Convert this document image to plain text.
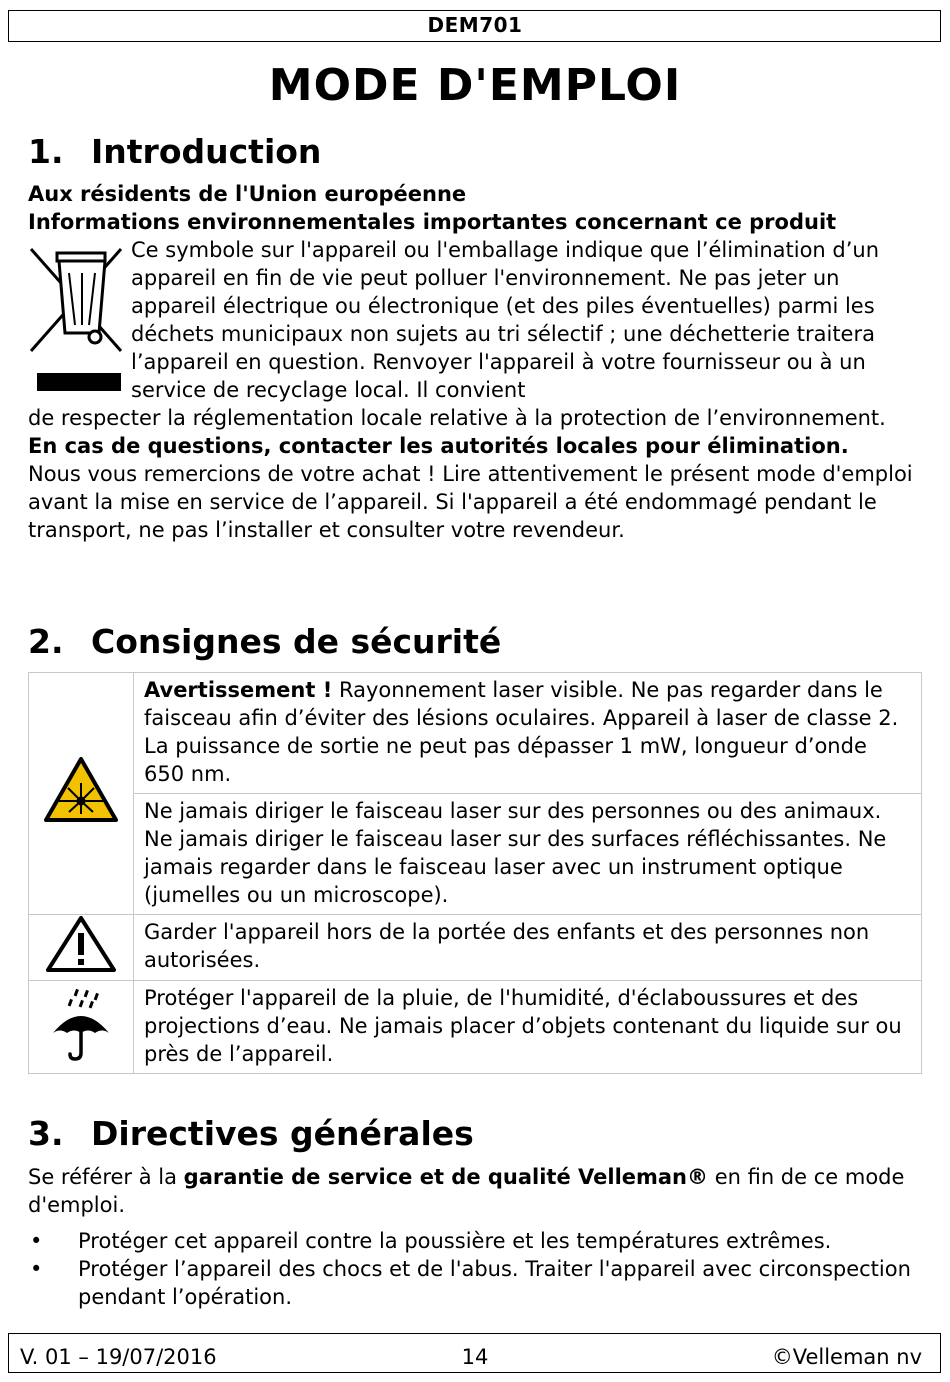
DEM701
MODE D'EMPLOI
1. Introduction
Aux résidents de l'Union européenne
Informations environnementales importantes concernant ce produit
Ce symbole sur l'appareil ou l'emballage indique que l’élimination d’un appareil en fin de vie peut polluer l'environnement. Ne pas jeter un appareil électrique ou électronique (et des piles éventuelles) parmi les déchets municipaux non sujets au tri sélectif ; une déchetterie traitera l’appareil en question. Renvoyer l'appareil à votre fournisseur ou à un service de recyclage local. Il convient
de respecter la réglementation locale relative à la protection de l’environnement.
En cas de questions, contacter les autorités locales pour élimination.
Nous vous remercions de votre achat ! Lire attentivement le présent mode d'emploi avant la mise en service de l’appareil. Si l'appareil a été endommagé pendant le transport, ne pas l’installer et consulter votre revendeur.
2. Consignes de sécurité
	Avertissement ! Rayonnement laser visible. Ne pas regarder dans le faisceau afin d’éviter des lésions oculaires. Appareil à laser de classe 2.
La puissance de sortie ne peut pas dépasser 1 mW, longueur d’onde 650 nm.

	Ne jamais diriger le faisceau laser sur des personnes ou des animaux. Ne jamais diriger le faisceau laser sur des surfaces réfléchissantes. Ne jamais regarder dans le faisceau laser avec un instrument optique (jumelles ou un microscope).

Garder l'appareil hors de la portée des enfants et des personnes non autorisées.

Protéger l'appareil de la pluie, de l'humidité, d'éclaboussures et des projections d’eau. Ne jamais placer d’objets contenant du liquide sur ou près de l’appareil.
3. Directives générales
Se référer à la garantie de service et de qualité Velleman® en fin de ce mode d'emploi.
• Protéger cet appareil contre la poussière et les températures extrêmes.
• Protéger l’appareil des chocs et de l'abus. Traiter l'appareil avec circonspection pendant l’opération.
V. 01 – 19/07/2016	14	©Velleman nv
